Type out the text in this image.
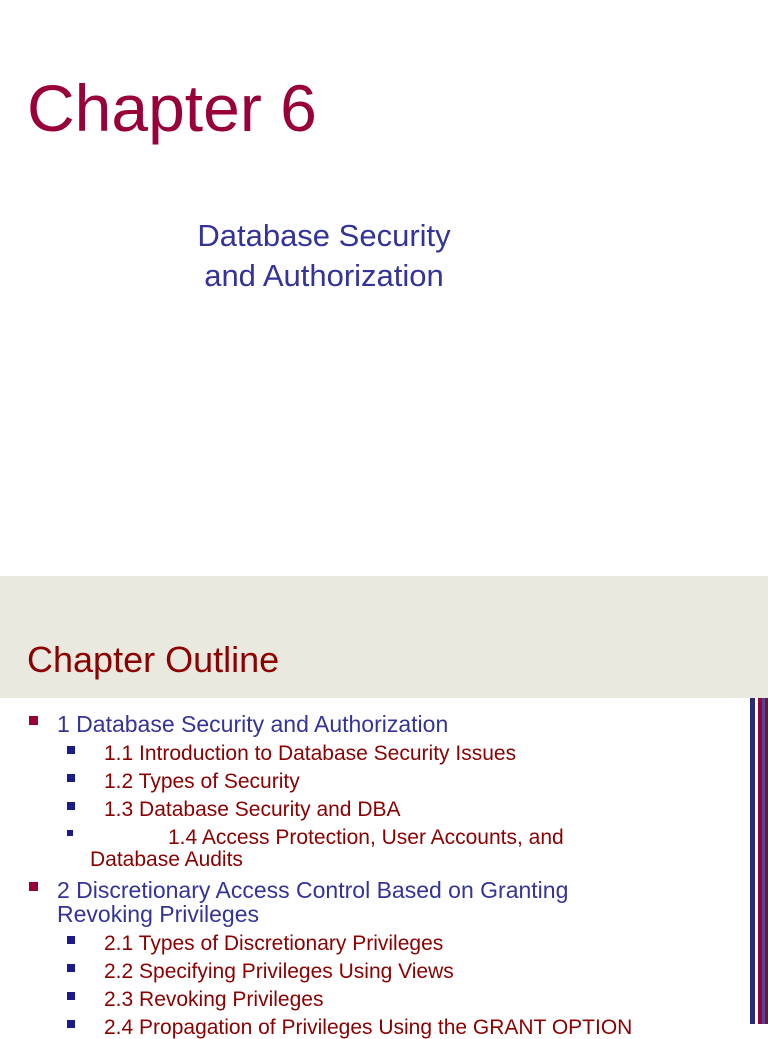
Chapter 6
Database Security
and Authorization
Chapter Outline
1 Database Security and Authorization
1.1 Introduction to Database Security Issues
1.2 Types of Security
1.3 Database Security and DBA
1.4 Access Protection, User Accounts, and
Database Audits
2 Discretionary Access Control Based on Granting
Revoking Privileges
2.1 Types of Discretionary Privileges
2.2 Specifying Privileges Using Views
2.3 Revoking Privileges
2.4 Propagation of Privileges Using the GRANT OPTION
